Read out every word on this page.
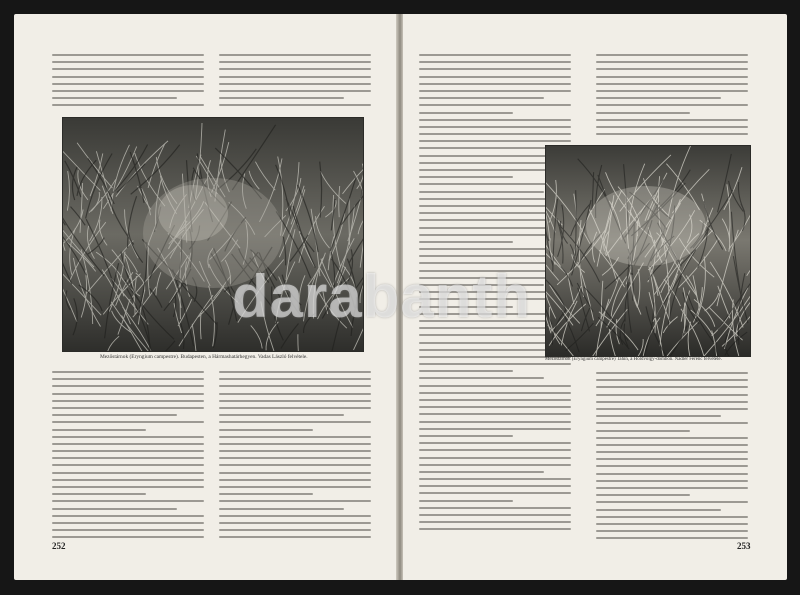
Mezőstárnok (Eryngium campestre). Budapesten, a Hármashatárhegyen. Vadas László felvétele.
252
Mezőstárnok (Eryngium campestre) Tahin, a Holdvölgy-dombon. Nadler Ferenc felvétele.
253
darabanth
